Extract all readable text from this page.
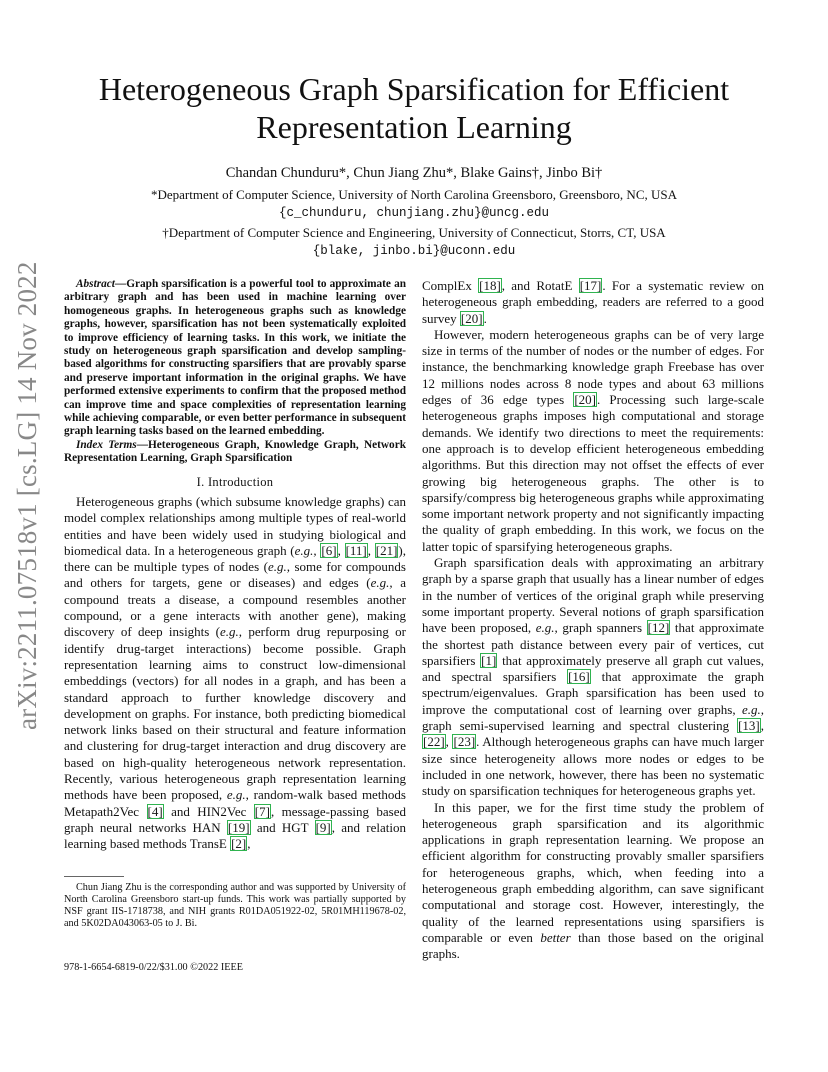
arXiv:2211.07518v1 [cs.LG] 14 Nov 2022
Heterogeneous Graph Sparsification for Efficient Representation Learning
Chandan Chunduru*, Chun Jiang Zhu*, Blake Gains†, Jinbo Bi†
*Department of Computer Science, University of North Carolina Greensboro, Greensboro, NC, USA
{c_chunduru, chunjiang.zhu}@uncg.edu
†Department of Computer Science and Engineering, University of Connecticut, Storrs, CT, USA
{blake, jinbo.bi}@uconn.edu

Abstract—Graph sparsification is a powerful tool to approximate an arbitrary graph and has been used in machine learning over homogeneous graphs. In heterogeneous graphs such as knowledge graphs, however, sparsification has not been systematically exploited to improve efficiency of learning tasks. In this work, we initiate the study on heterogeneous graph sparsification and develop sampling-based algorithms for constructing sparsifiers that are provably sparse and preserve important information in the original graphs. We have performed extensive experiments to confirm that the proposed method can improve time and space complexities of representation learning while achieving comparable, or even better performance in subsequent graph learning tasks based on the learned embedding.

Index Terms—Heterogeneous Graph, Knowledge Graph, Network Representation Learning, Graph Sparsification

I. Introduction

Heterogeneous graphs (which subsume knowledge graphs) can model complex relationships among multiple types of real-world entities and have been widely used in studying biological and biomedical data. In a heterogeneous graph (e.g., [6], [11], [21]), there can be multiple types of nodes (e.g., some for compounds and others for targets, gene or diseases) and edges (e.g., a compound treats a disease, a compound resembles another compound, or a gene interacts with another gene), making discovery of deep insights (e.g., perform drug repurposing or identify drug-target interactions) become possible. Graph representation learning aims to construct low-dimensional embeddings (vectors) for all nodes in a graph, and has been a standard approach to further knowledge discovery and development on graphs. For instance, both predicting biomedical network links based on their structural and feature information and clustering for drug-target interaction and drug discovery are based on high-quality heterogeneous network representation. Recently, various heterogeneous graph representation learning methods have been proposed, e.g., random-walk based methods Metapath2Vec [4] and HIN2Vec [7], message-passing based graph neural networks HAN [19] and HGT [9], and relation learning based methods TransE [2],

Chun Jiang Zhu is the corresponding author and was supported by University of North Carolina Greensboro start-up funds. This work was partially supported by NSF grant IIS-1718738, and NIH grants R01DA051922-02, 5R01MH119678-02, and 5K02DA043063-05 to J. Bi.
978-1-6654-6819-0/22/$31.00 ©2022 IEEE

ComplEx [18], and RotatE [17]. For a systematic review on heterogeneous graph embedding, readers are referred to a good survey [20].

However, modern heterogeneous graphs can be of very large size in terms of the number of nodes or the number of edges. For instance, the benchmarking knowledge graph Freebase has over 12 millions nodes across 8 node types and about 63 millions edges of 36 edge types [20]. Processing such large-scale heterogeneous graphs imposes high computational and storage demands. We identify two directions to meet the requirements: one approach is to develop efficient heterogeneous embedding algorithms. But this direction may not offset the effects of ever growing big heterogeneous graphs. The other is to sparsify/compress big heterogeneous graphs while approximating some important network property and not significantly impacting the quality of graph embedding. In this work, we focus on the latter topic of sparsifying heterogeneous graphs.

Graph sparsification deals with approximating an arbitrary graph by a sparse graph that usually has a linear number of edges in the number of vertices of the original graph while preserving some important property. Several notions of graph sparsification have been proposed, e.g., graph spanners [12] that approximate the shortest path distance between every pair of vertices, cut sparsifiers [1] that approximately preserve all graph cut values, and spectral sparsifiers [16] that approximate the graph spectrum/eigenvalues. Graph sparsification has been used to improve the computational cost of learning over graphs, e.g., graph semi-supervised learning and spectral clustering [13], [22], [23]. Although heterogeneous graphs can have much larger size since heterogeneity allows more nodes or edges to be included in one network, however, there has been no systematic study on sparsification techniques for heterogeneous graphs yet.

In this paper, we for the first time study the problem of heterogeneous graph sparsification and its algorithmic applications in graph representation learning. We propose an efficient algorithm for constructing provably smaller sparsifiers for heterogeneous graphs, which, when feeding into a heterogeneous graph embedding algorithm, can save significant computational and storage cost. However, interestingly, the quality of the learned representations using sparsifiers is comparable or even better than those based on the original graphs.
